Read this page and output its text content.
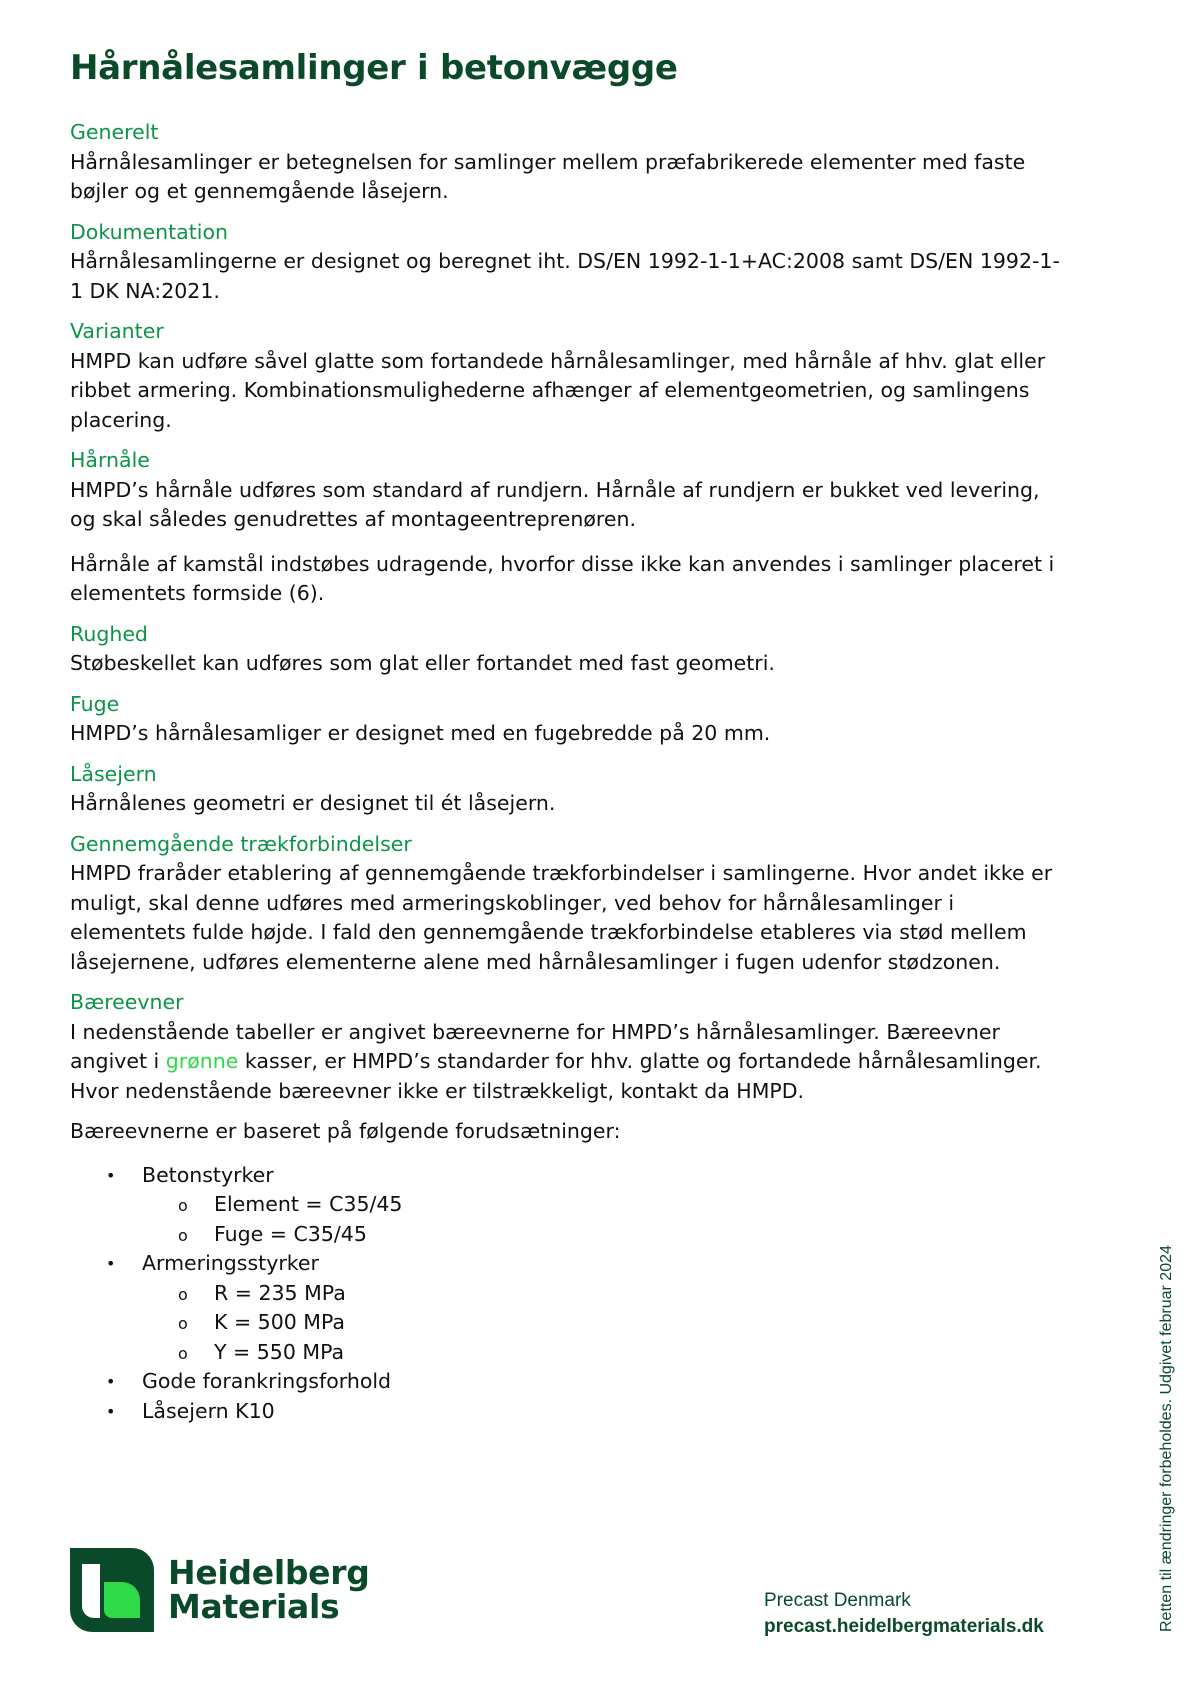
Hårnålesamlinger i betonvægge
Generelt

Hårnålesamlinger er betegnelsen for samlinger mellem præfabrikerede elementer med faste bøjler og et gennemgående låsejern.

Dokumentation

Hårnålesamlingerne er designet og beregnet iht. DS/EN 1992-1-1+AC:2008 samt DS/EN 1992-1-1 DK NA:2021.

Varianter

HMPD kan udføre såvel glatte som fortandede hårnålesamlinger, med hårnåle af hhv. glat eller ribbet armering. Kombinationsmulighederne afhænger af elementgeometrien, og samlingens placering.

Hårnåle

HMPD’s hårnåle udføres som standard af rundjern. Hårnåle af rundjern er bukket ved levering, og skal således genudrettes af montageentreprenøren.

Hårnåle af kamstål indstøbes udragende, hvorfor disse ikke kan anvendes i samlinger placeret i elementets formside (6).

Rughed

Støbeskellet kan udføres som glat eller fortandet med fast geometri.

Fuge

HMPD’s hårnålesamliger er designet med en fugebredde på 20 mm.

Låsejern

Hårnålenes geometri er designet til ét låsejern.

Gennemgående trækforbindelser

HMPD fraråder etablering af gennemgående trækforbindelser i samlingerne. Hvor andet ikke er muligt, skal denne udføres med armeringskoblinger, ved behov for hårnålesamlinger i elementets fulde højde. I fald den gennemgående trækforbindelse etableres via stød mellem låsejernene, udføres elementerne alene med hårnålesamlinger i fugen udenfor stødzonen.

Bæreevner

I nedenstående tabeller er angivet bæreevnerne for HMPD’s hårnålesamlinger. Bæreevner angivet i grønne kasser, er HMPD’s standarder for hhv. glatte og fortandede hårnålesamlinger. Hvor nedenstående bæreevner ikke er tilstrækkeligt, kontakt da HMPD.

Bæreevnerne er baseret på følgende forudsætninger:

• Betonstyrker
o Element = C35/45
o Fuge = C35/45
• Armeringsstyrker
o R = 235 MPa
o K = 500 MPa
o Y = 550 MPa
• Gode forankringsforhold
• Låsejern K10
Heidelberg
Materials	Precast Denmark
precast.heidelbergmaterials.dk	Retten til ændringer forbeholdes. Udgivet februar 2024
